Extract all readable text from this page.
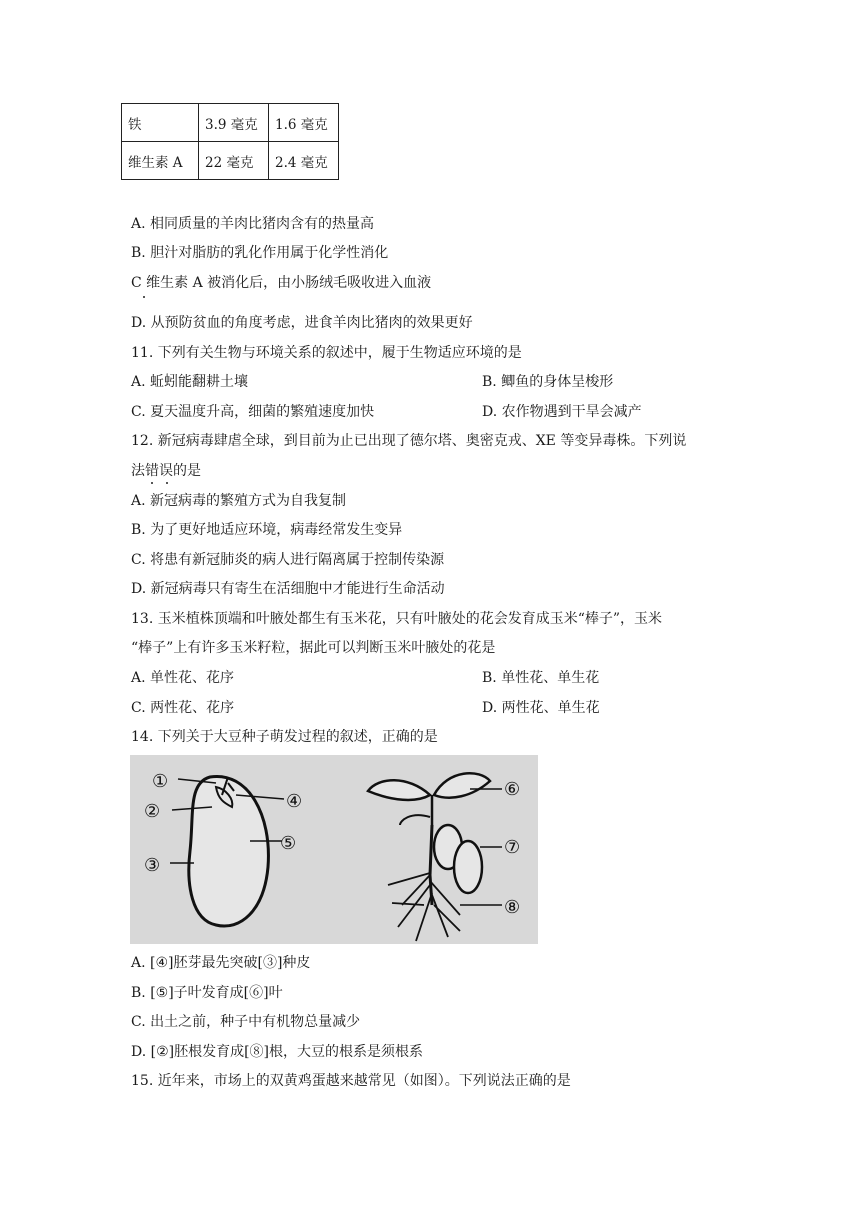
铁	3.9 毫克	1.6 毫克
维生素 A	22 毫克	2.4 毫克
A. 相同质量的羊肉比猪肉含有的热量高
B. 胆汁对脂肪的乳化作用属于化学性消化
C 维生素 A 被消化后，由小肠绒毛吸收进入血液
D. 从预防贫血的角度考虑，进食羊肉比猪肉的效果更好
11. 下列有关生物与环境关系的叙述中，履于生物适应环境的是
A. 蚯蚓能翻耕土壤	B. 鲫鱼的身体呈梭形
C. 夏天温度升高，细菌的繁殖速度加快	D. 农作物遇到干旱会减产
12. 新冠病毒肆虐全球，到目前为止已出现了德尔塔、奥密克戎、XE 等变异毒株。下列说
法错误的是
A. 新冠病毒的繁殖方式为自我复制
B. 为了更好地适应环境，病毒经常发生变异
C. 将患有新冠肺炎的病人进行隔离属于控制传染源
D. 新冠病毒只有寄生在活细胞中才能进行生命活动
13. 玉米植株顶端和叶腋处都生有玉米花，只有叶腋处的花会发育成玉米“棒子”，玉米
“棒子”上有许多玉米籽粒，据此可以判断玉米叶腋处的花是
A. 单性花、花序	B. 单性花、单生花
C. 两性花、花序	D. 两性花、单生花
14. 下列关于大豆种子萌发过程的叙述，正确的是
①
②
③
④
⑤
⑥
⑦
⑧
A. [④]胚芽最先突破[③]种皮
B. [⑤]子叶发育成[⑥]叶
C. 出土之前，种子中有机物总量减少
D. [②]胚根发育成[⑧]根，大豆的根系是须根系
15. 近年来，市场上的双黄鸡蛋越来越常见（如图）。下列说法正确的是
